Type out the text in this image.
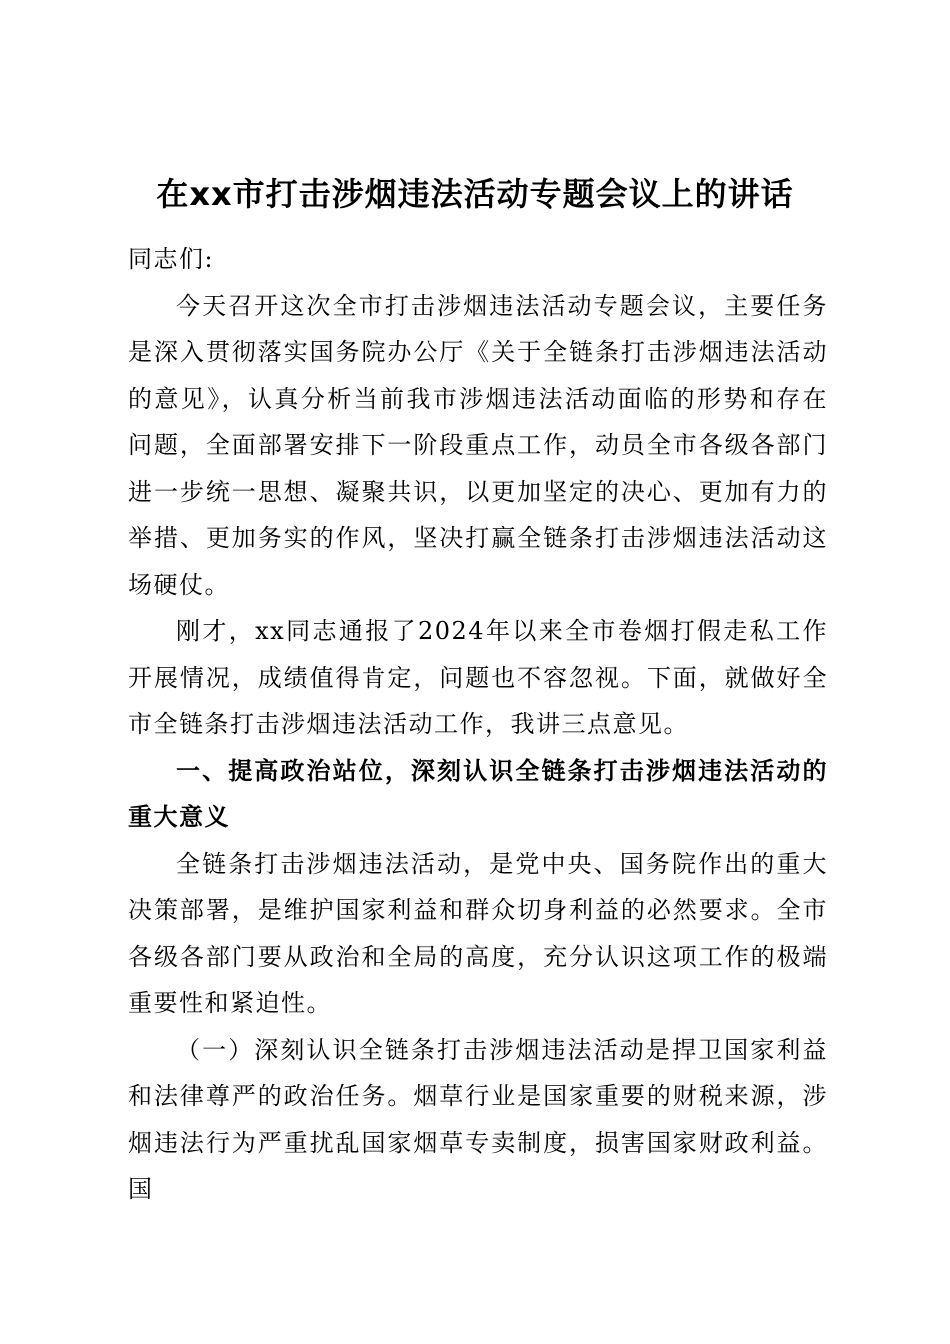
在xx市打击涉烟违法活动专题会议上的讲话

同志们:

今天召开这次全市打击涉烟违法活动专题会议，主要任务是深入贯彻落实国务院办公厅《关于全链条打击涉烟违法活动的意见》，认真分析当前我市涉烟违法活动面临的形势和存在问题，全面部署安排下一阶段重点工作，动员全市各级各部门进一步统一思想、凝聚共识，以更加坚定的决心、更加有力的举措、更加务实的作风，坚决打赢全链条打击涉烟违法活动这场硬仗。

刚才，xx同志通报了2024年以来全市卷烟打假走私工作开展情况，成绩值得肯定，问题也不容忽视。下面，就做好全市全链条打击涉烟违法活动工作，我讲三点意见。

一、提高政治站位，深刻认识全链条打击涉烟违法活动的重大意义

全链条打击涉烟违法活动，是党中央、国务院作出的重大决策部署，是维护国家利益和群众切身利益的必然要求。全市各级各部门要从政治和全局的高度，充分认识这项工作的极端重要性和紧迫性。

（一）深刻认识全链条打击涉烟违法活动是捍卫国家利益和法律尊严的政治任务。烟草行业是国家重要的财税来源，涉烟违法行为严重扰乱国家烟草专卖制度，损害国家财政利益。国
